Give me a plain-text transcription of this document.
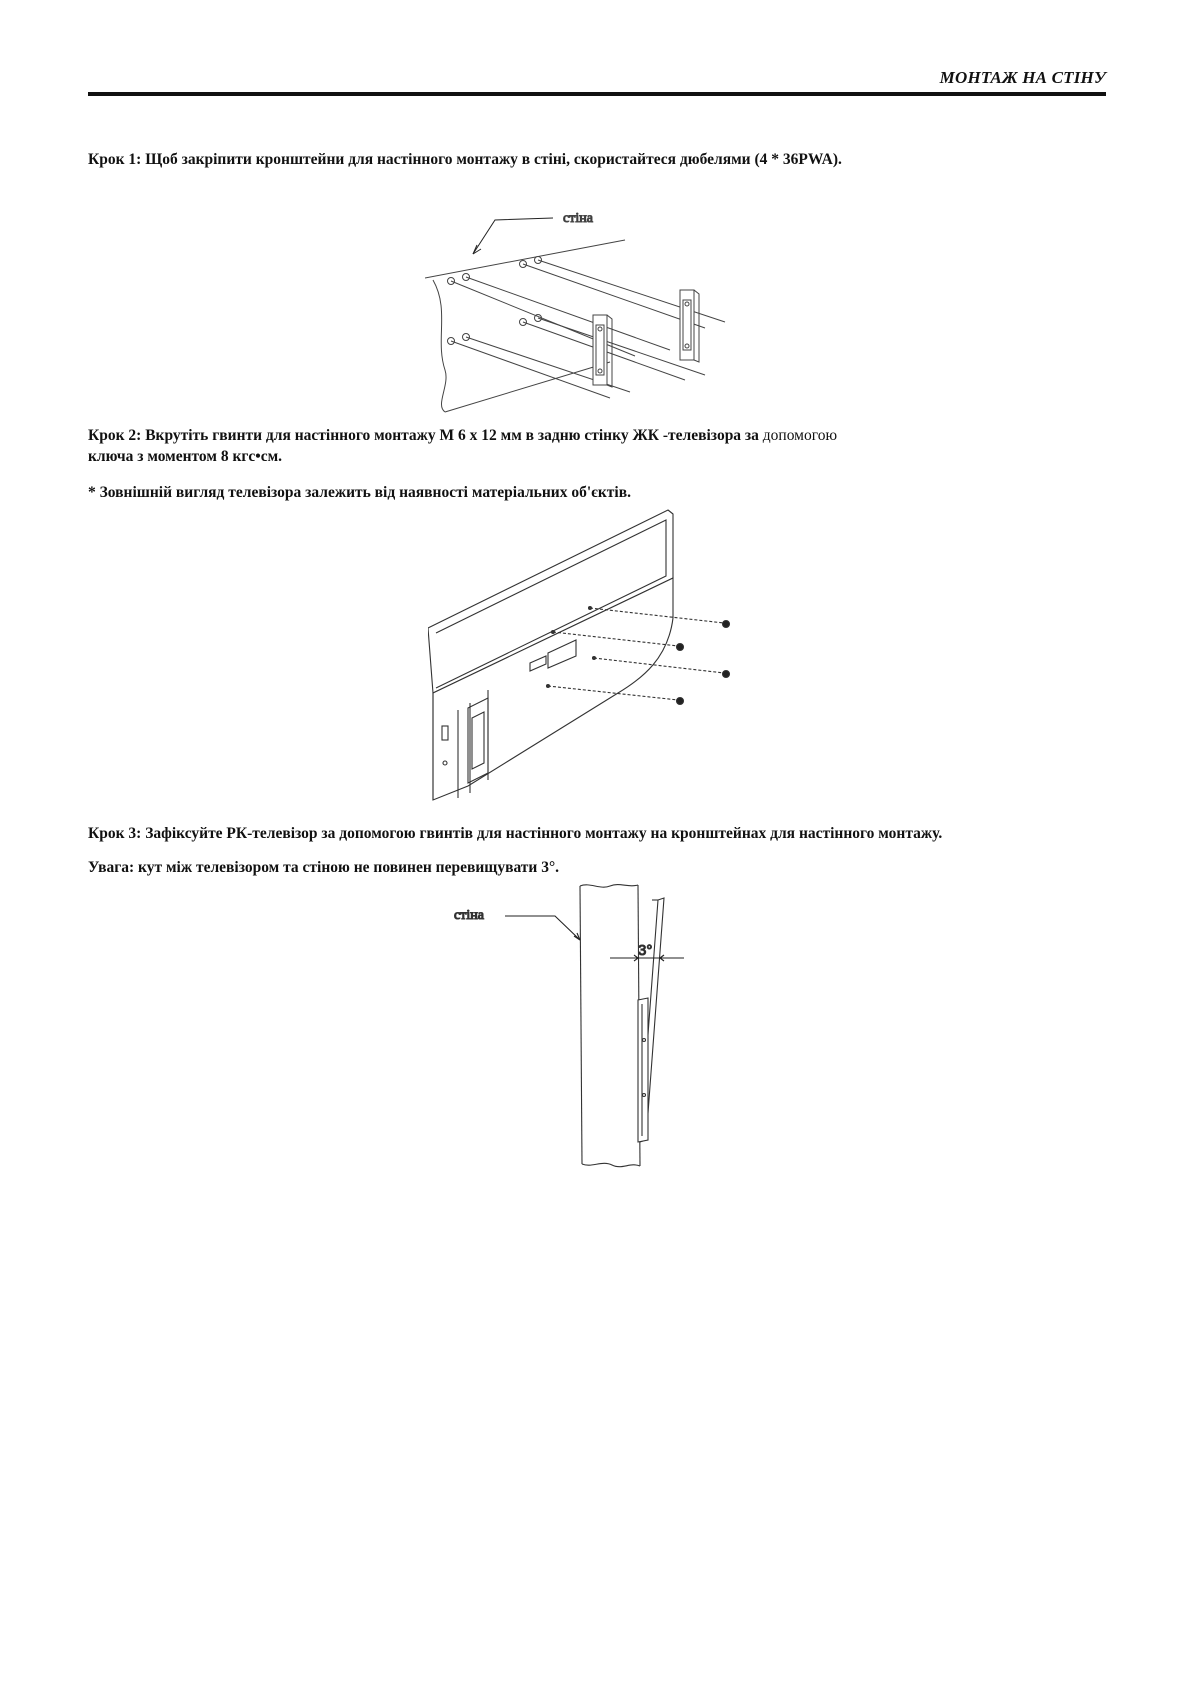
МОНТАЖ НА СТІНУ
Крок 1: Щоб закріпити кронштейни для настінного монтажу в стіні, скористайтеся дюбелями (4 * 36PWA).
стіна
Крок 2: Вкрутіть гвинти для настінного монтажу M 6 x 12 мм в задню стінку ЖК -телевізора за допомогою
ключа з моментом 8 кгс•см.
* Зовнішній вигляд телевізора залежить від наявності матеріальних об'єктів.
Крок 3: Зафіксуйте РК-телевізор за допомогою гвинтів для настінного монтажу на кронштейнах для настінного монтажу.
Увага: кут між телевізором та стіною не повинен перевищувати 3°.
стіна
3°
